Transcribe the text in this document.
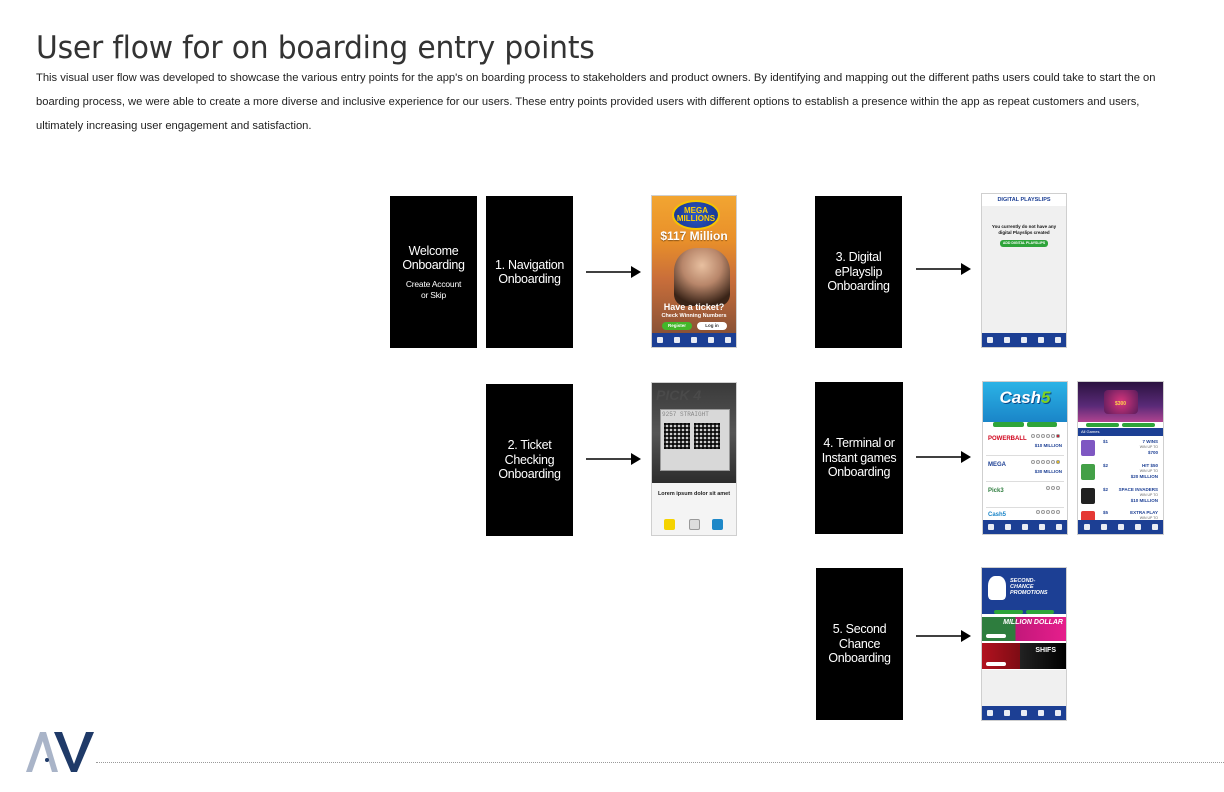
User flow for on boarding entry points

This visual user flow was developed to showcase the various entry points for the app's on boarding process to stakeholders and product owners. By identifying and mapping out the different paths users could take to start the on boarding process, we were able to create a more diverse and inclusive experience for our users. These entry points provided users with different options to establish a presence within the app as repeat customers and users, ultimately increasing user engagement and satisfaction.

Welcome
Onboarding
Create Account
or Skip
1. Navigation
Onboarding
MEGA MILLIONS
$117 Million
Have a ticket?
Check Winning Numbers
Register	Log in
2. Ticket
Checking
Onboarding
PICK 4
9257 STRAIGHT
Lorem ipsum dolor sit amet
3. Digital
ePlayslip
Onboarding
DIGITAL PLAYSLIPS
You currently do not have any digital Playslips created
ADD DIGITAL PLAYSLIPS
4. Terminal or
Instant games
Onboarding
Cash5
POWERBALL
$10 MILLION
MEGA
$30 MILLION
Pick3
Cash5
$300
All Games
$1	7 WINS
WIN UP TO
$700
$2	HIT $50
WIN UP TO
$20 MILLION
$2 SPACE INVADERS
WIN UP TO
$10 MILLION
$5	EXTRA PLAY
WIN UP TO
5. Second
Chance
Onboarding
SECOND-CHANCE PROMOTIONS
MILLION DOLLAR
SHIFS
